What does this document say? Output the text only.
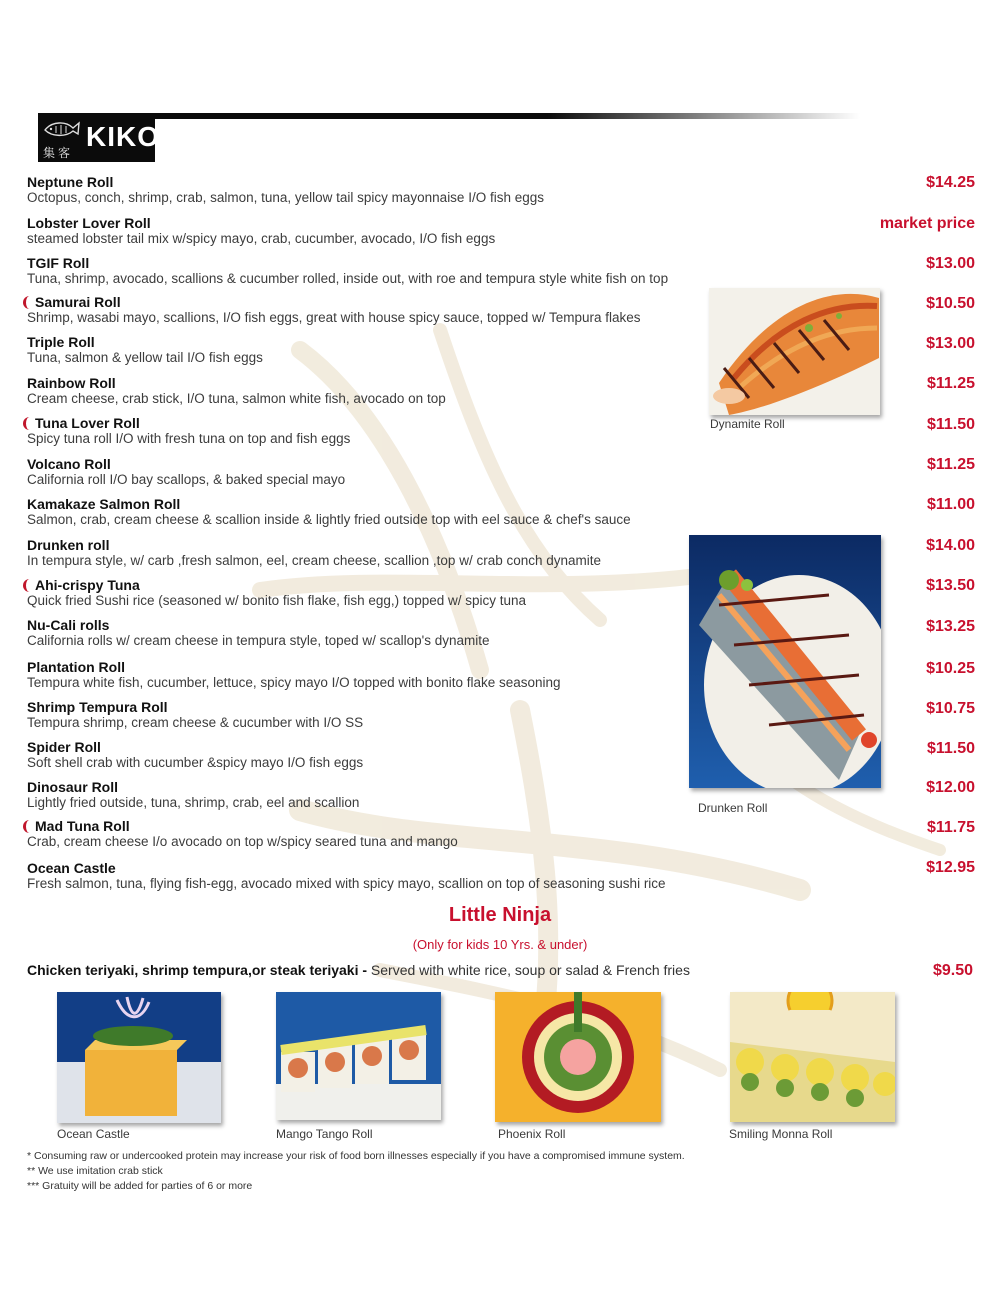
集客
KIKO
Neptune Roll
Octopus, conch, shrimp, crab, salmon, tuna, yellow tail spicy mayonnaise I/O fish eggs
$14.25
Lobster Lover Roll
steamed lobster tail mix w/spicy mayo, crab, cucumber, avocado, I/O fish eggs
market price
TGIF Roll
Tuna, shrimp, avocado, scallions & cucumber rolled, inside out, with roe and tempura style white fish on top
$13.00
Samurai Roll
Shrimp, wasabi mayo, scallions, I/O fish eggs, great with house spicy sauce, topped w/ Tempura flakes
$10.50
Triple Roll
Tuna, salmon & yellow tail I/O fish eggs
$13.00
Rainbow Roll
Cream cheese, crab stick, I/O tuna, salmon white fish, avocado on top
$11.25
Tuna Lover Roll
Spicy tuna roll I/O with fresh tuna on top and fish eggs
$11.50
Volcano Roll
California roll I/O bay scallops, & baked special mayo
$11.25
Kamakaze Salmon Roll
Salmon, crab, cream cheese & scallion inside & lightly fried outside top with eel sauce & chef's sauce
$11.00
Drunken roll
In tempura style, w/ carb ,fresh salmon, eel, cream cheese, scallion ,top w/ crab conch dynamite
$14.00
Ahi-crispy Tuna
Quick fried Sushi rice (seasoned w/ bonito fish flake, fish egg,) topped w/ spicy tuna
$13.50
Nu-Cali rolls
California rolls w/ cream cheese in tempura style, toped w/ scallop's dynamite
$13.25
Plantation Roll
Tempura white fish, cucumber, lettuce, spicy mayo I/O topped with bonito flake seasoning
$10.25
Shrimp Tempura Roll
Tempura shrimp, cream cheese & cucumber with I/O SS
$10.75
Spider Roll
Soft shell crab with cucumber &spicy mayo I/O fish eggs
$11.50
Dinosaur Roll
Lightly fried outside, tuna, shrimp, crab, eel and scallion
$12.00
Mad Tuna Roll
Crab, cream cheese I/o avocado on top w/spicy seared tuna and mango
$11.75
Ocean Castle
Fresh salmon, tuna, flying fish-egg, avocado mixed with spicy mayo, scallion on top of seasoning sushi rice
$12.95
Dynamite Roll
Drunken Roll
Little Ninja
(Only for kids 10 Yrs. & under)
Chicken teriyaki, shrimp tempura,or steak teriyaki - Served with white rice, soup or salad & French fries	$9.50
Ocean Castle	Mango Tango Roll	Phoenix Roll	Smiling Monna Roll
* Consuming raw or undercooked protein may increase your risk of food born illnesses especially if you have a compromised immune system.
** We use imitation crab stick
*** Gratuity will be added for parties of 6 or more
